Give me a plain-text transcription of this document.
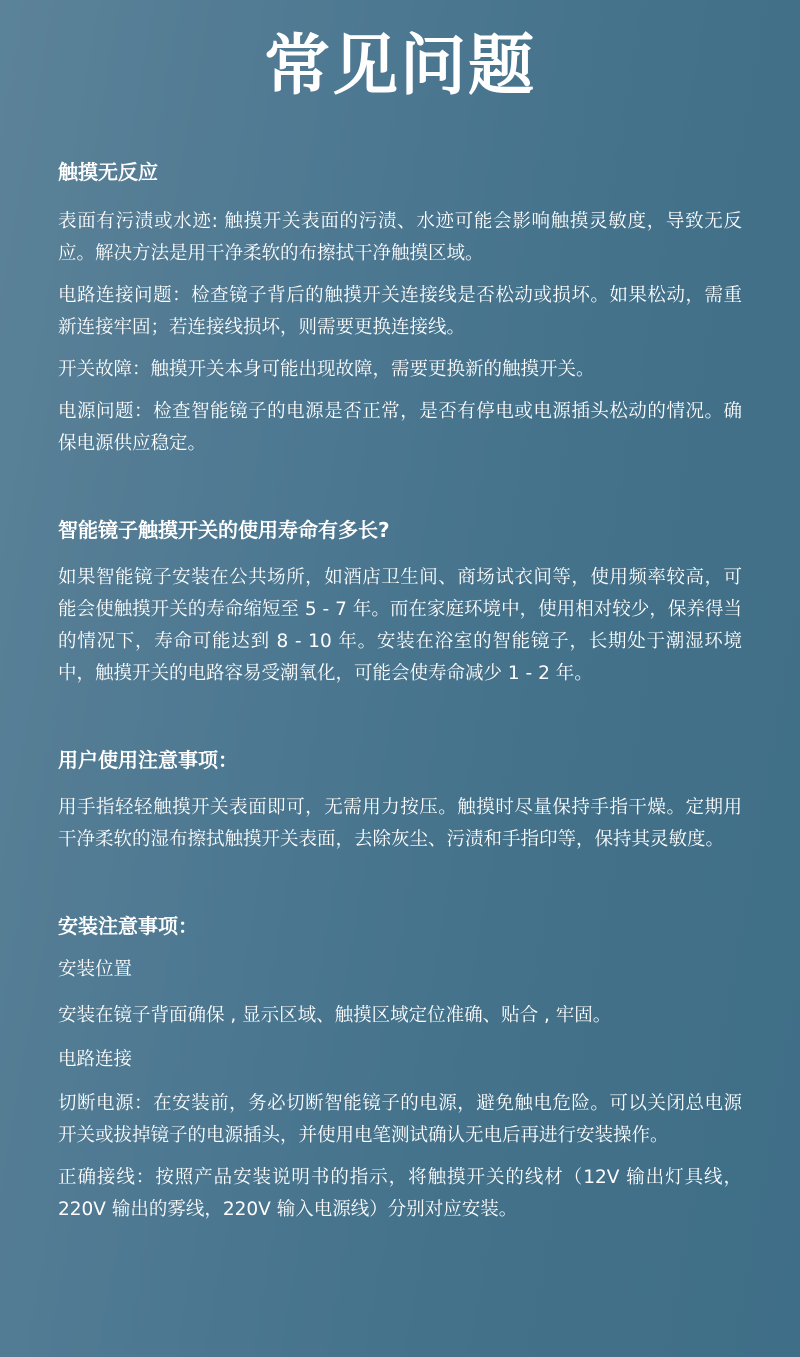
常见问题
触摸无反应

表面有污渍或水迹: 触摸开关表面的污渍、水迹可能会影响触摸灵敏度，导致无反应。解决方法是用干净柔软的布擦拭干净触摸区域。

电路连接问题：检查镜子背后的触摸开关连接线是否松动或损坏。如果松动，需重新连接牢固；若连接线损坏，则需要更换连接线。

开关故障：触摸开关本身可能出现故障，需要更换新的触摸开关。

电源问题：检查智能镜子的电源是否正常，是否有停电或电源插头松动的情况。确保电源供应稳定。

智能镜子触摸开关的使用寿命有多长?

如果智能镜子安装在公共场所，如酒店卫生间、商场试衣间等，使用频率较高，可能会使触摸开关的寿命缩短至 5 - 7 年。而在家庭环境中，使用相对较少，保养得当的情况下，寿命可能达到 8 - 10 年。安装在浴室的智能镜子，长期处于潮湿环境中，触摸开关的电路容易受潮氧化，可能会使寿命减少 1 - 2 年。

用户使用注意事项：

用手指轻轻触摸开关表面即可，无需用力按压。触摸时尽量保持手指干燥。定期用干净柔软的湿布擦拭触摸开关表面，去除灰尘、污渍和手指印等，保持其灵敏度。

安装注意事项：

安装位置

安装在镜子背面确保 , 显示区域、触摸区域定位准确、贴合 , 牢固。

电路连接

切断电源：在安装前，务必切断智能镜子的电源，避免触电危险。可以关闭总电源开关或拔掉镜子的电源插头，并使用电笔测试确认无电后再进行安装操作。

正确接线：按照产品安装说明书的指示，将触摸开关的线材（12V 输出灯具线，220V 输出的雾线，220V 输入电源线）分别对应安装。
